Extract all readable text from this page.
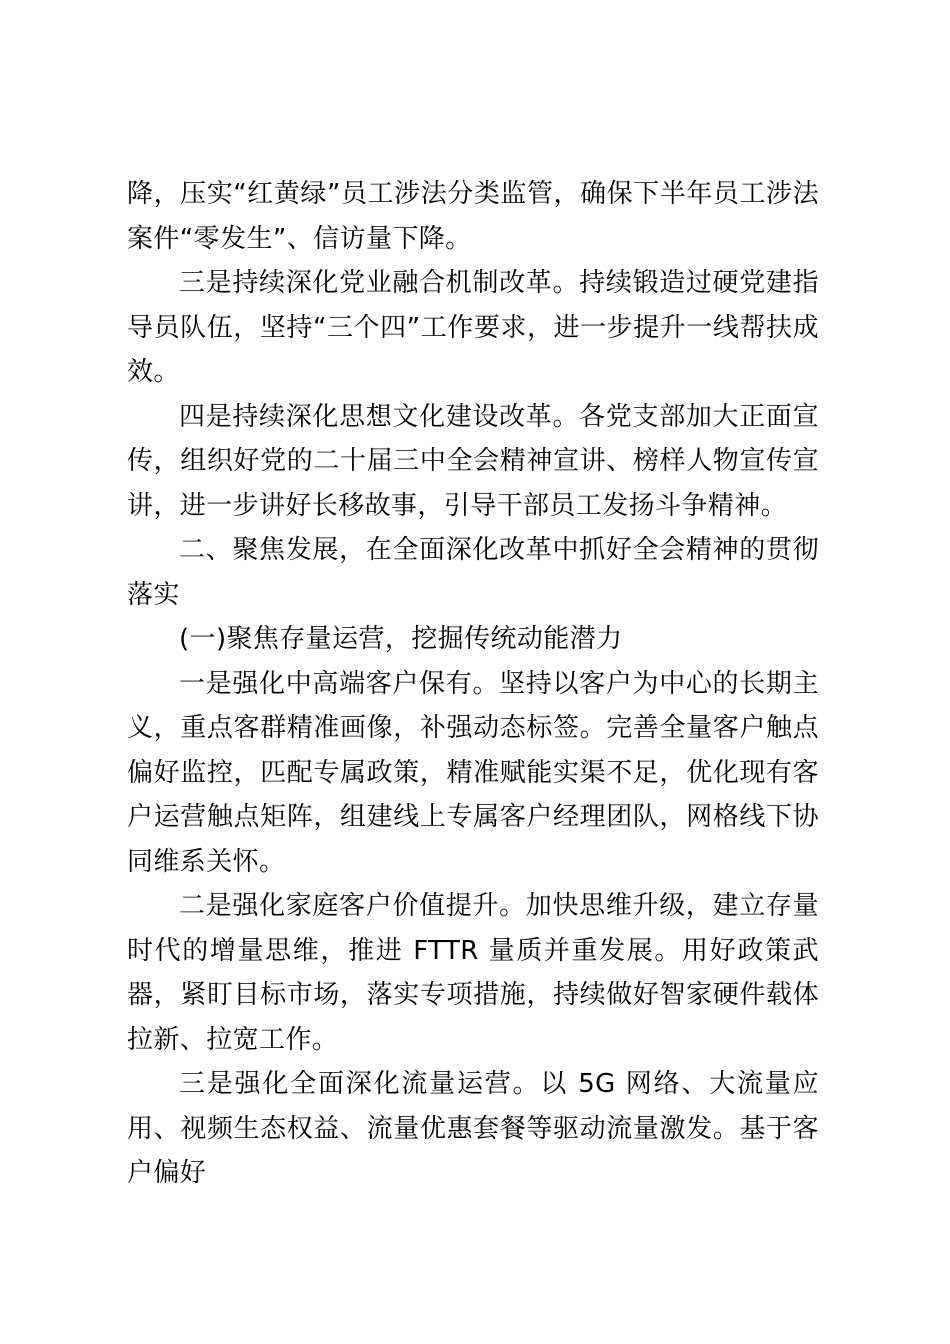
降，压实“红黄绿”员工涉法分类监管，确保下半年员工涉法案件“零发生”、信访量下降。

三是持续深化党业融合机制改革。持续锻造过硬党建指导员队伍，坚持“三个四”工作要求，进一步提升一线帮扶成效。

四是持续深化思想文化建设改革。各党支部加大正面宣传，组织好党的二十届三中全会精神宣讲、榜样人物宣传宣讲，进一步讲好长移故事，引导干部员工发扬斗争精神。

二、聚焦发展，在全面深化改革中抓好全会精神的贯彻落实

(一)聚焦存量运营，挖掘传统动能潜力

一是强化中高端客户保有。坚持以客户为中心的长期主义，重点客群精准画像，补强动态标签。完善全量客户触点偏好监控，匹配专属政策，精准赋能实渠不足，优化现有客户运营触点矩阵，组建线上专属客户经理团队，网格线下协同维系关怀。

二是强化家庭客户价值提升。加快思维升级，建立存量时代的增量思维，推进 FTTR 量质并重发展。用好政策武器，紧盯目标市场，落实专项措施，持续做好智家硬件载体拉新、拉宽工作。

三是强化全面深化流量运营。以 5G 网络、大流量应用、视频生态权益、流量优惠套餐等驱动流量激发。基于客户偏好
